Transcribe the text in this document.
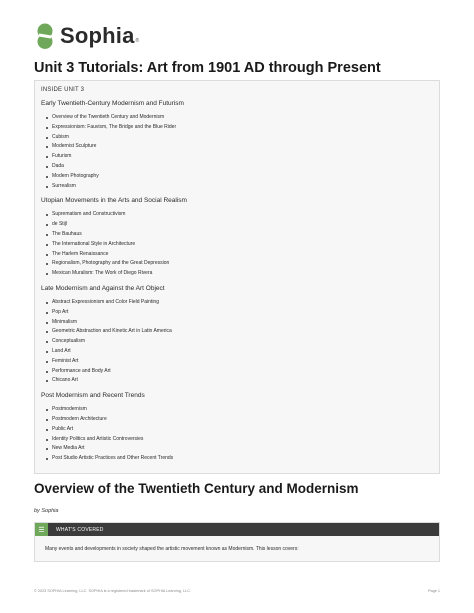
Sophia ®
Unit 3 Tutorials: Art from 1901 AD through Present
INSIDE UNIT 3
Early Twentieth-Century Modernism and Futurism
Overview of the Twentieth Century and Modernism
Expressionism: Fauvism, The Bridge and the Blue Rider
Cubism
Modernist Sculpture
Futurism
Dada
Modern Photography
Surrealism
Utopian Movements in the Arts and Social Realism
Suprematism and Constructivism
de Stijl
The Bauhaus
The International Style in Architecture
The Harlem Renaissance
Regionalism, Photography and the Great Depression
Mexican Muralism: The Work of Diego Rivera
Late Modernism and Against the Art Object
Abstract Expressionism and Color Field Painting
Pop Art
Minimalism
Geometric Abstraction and Kinetic Art in Latin America
Conceptualism
Land Art
Feminist Art
Performance and Body Art
Chicano Art
Post Modernism and Recent Trends
Postmodernism
Postmodern Architecture
Public Art
Identity Politics and Artistic Controversies
New Media Art
Post Studio Artistic Practices and Other Recent Trends
Overview of the Twentieth Century and Modernism
by Sophia
☰	WHAT'S COVERED
Many events and developments in society shaped the artistic movement known as Modernism. This lesson covers:
© 2023 SOPHIA Learning, LLC. SOPHIA is a registered trademark of SOPHIA Learning, LLC.	Page 1
